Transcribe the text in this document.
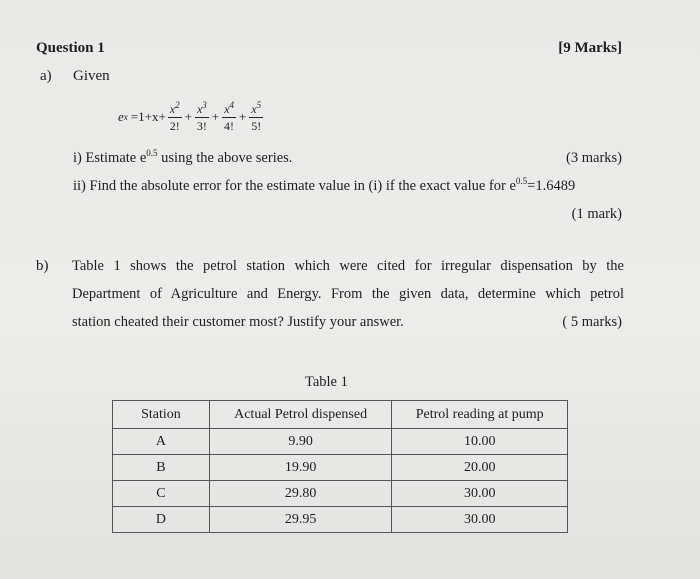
Question 1	[9 Marks]
a) Given
e $x =1+x+ \frac{x^2}{2!} + \frac{x^3}{3!} + \frac{x^4}{4!} + \frac{x^5}{5!}$
i) Estimate $e^{0.5}$ using the above series.	(3 marks)
ii) Find the absolute error for the estimate value in (i) if the exact value for $e^{0.5}=1.6489$
(1 mark)
b) Table 1 shows the petrol station which were cited for irregular dispensation by the
Department of Agriculture and Energy. From the given data, determine which petrol
station cheated their customer most? Justify your answer.	( 5 marks)
Table 1
Station	Actual Petrol dispensed	Petrol reading at pump
A	9.90	10.00
B	19.90	20.00
C	29.80	30.00
D	29.95	30.00
